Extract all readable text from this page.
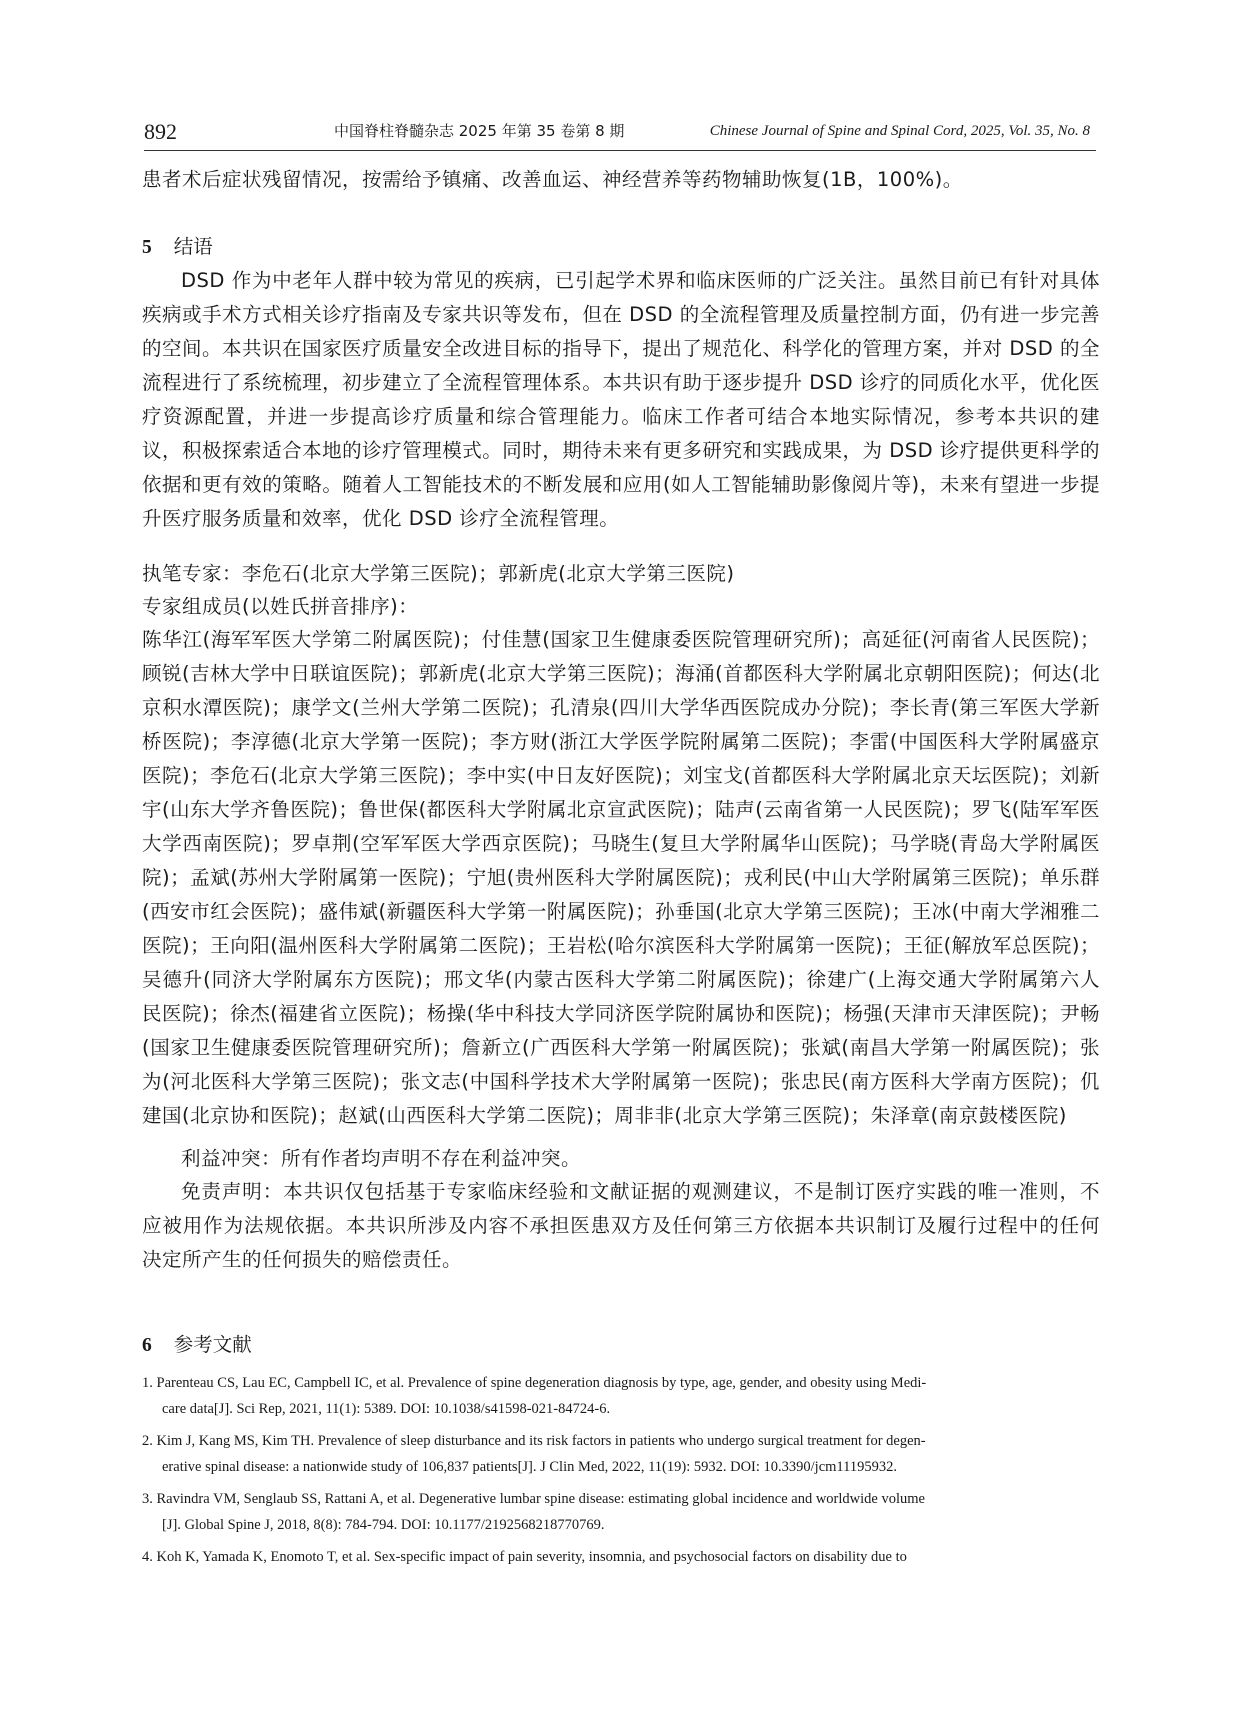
892	中国脊柱脊髓杂志 2025 年第 35 卷第 8 期	Chinese Journal of Spine and Spinal Cord, 2025, Vol. 35, No. 8

患者术后症状残留情况，按需给予镇痛、改善血运、神经营养等药物辅助恢复(1B，100%)。

5 结语

DSD 作为中老年人群中较为常见的疾病，已引起学术界和临床医师的广泛关注。虽然目前已有针对具体疾病或手术方式相关诊疗指南及专家共识等发布，但在 DSD 的全流程管理及质量控制方面，仍有进一步完善的空间。本共识在国家医疗质量安全改进目标的指导下，提出了规范化、科学化的管理方案，并对 DSD 的全流程进行了系统梳理，初步建立了全流程管理体系。本共识有助于逐步提升 DSD 诊疗的同质化水平，优化医疗资源配置，并进一步提高诊疗质量和综合管理能力。临床工作者可结合本地实际情况，参考本共识的建议，积极探索适合本地的诊疗管理模式。同时，期待未来有更多研究和实践成果，为 DSD 诊疗提供更科学的依据和更有效的策略。随着人工智能技术的不断发展和应用(如人工智能辅助影像阅片等)，未来有望进一步提升医疗服务质量和效率，优化 DSD 诊疗全流程管理。

执笔专家：李危石(北京大学第三医院)；郭新虎(北京大学第三医院)

专家组成员(以姓氏拼音排序)：

陈华江(海军军医大学第二附属医院)；付佳慧(国家卫生健康委医院管理研究所)；高延征(河南省人民医院)；顾锐(吉林大学中日联谊医院)；郭新虎(北京大学第三医院)；海涌(首都医科大学附属北京朝阳医院)；何达(北京积水潭医院)；康学文(兰州大学第二医院)；孔清泉(四川大学华西医院成办分院)；李长青(第三军医大学新桥医院)；李淳德(北京大学第一医院)；李方财(浙江大学医学院附属第二医院)；李雷(中国医科大学附属盛京医院)；李危石(北京大学第三医院)；李中实(中日友好医院)；刘宝戈(首都医科大学附属北京天坛医院)；刘新宇(山东大学齐鲁医院)；鲁世保(都医科大学附属北京宣武医院)；陆声(云南省第一人民医院)；罗飞(陆军军医大学西南医院)；罗卓荆(空军军医大学西京医院)；马晓生(复旦大学附属华山医院)；马学晓(青岛大学附属医院)；孟斌(苏州大学附属第一医院)；宁旭(贵州医科大学附属医院)；戎利民(中山大学附属第三医院)；单乐群(西安市红会医院)；盛伟斌(新疆医科大学第一附属医院)；孙垂国(北京大学第三医院)；王冰(中南大学湘雅二医院)；王向阳(温州医科大学附属第二医院)；王岩松(哈尔滨医科大学附属第一医院)；王征(解放军总医院)；吴德升(同济大学附属东方医院)；邢文华(内蒙古医科大学第二附属医院)；徐建广(上海交通大学附属第六人民医院)；徐杰(福建省立医院)；杨操(华中科技大学同济医学院附属协和医院)；杨强(天津市天津医院)；尹畅(国家卫生健康委医院管理研究所)；詹新立(广西医科大学第一附属医院)；张斌(南昌大学第一附属医院)；张为(河北医科大学第三医院)；张文志(中国科学技术大学附属第一医院)；张忠民(南方医科大学南方医院)；仉建国(北京协和医院)；赵斌(山西医科大学第二医院)；周非非(北京大学第三医院)；朱泽章(南京鼓楼医院)

利益冲突：所有作者均声明不存在利益冲突。

免责声明：本共识仅包括基于专家临床经验和文献证据的观测建议，不是制订医疗实践的唯一准则，不应被用作为法规依据。本共识所涉及内容不承担医患双方及任何第三方依据本共识制订及履行过程中的任何决定所产生的任何损失的赔偿责任。

6 参考文献

1. Parenteau CS, Lau EC, Campbell IC, et al. Prevalence of spine degeneration diagnosis by type, age, gender, and obesity using Medi-
care data[J]. Sci Rep, 2021, 11(1): 5389. DOI: 10.1038/s41598-021-84724-6.

2. Kim J, Kang MS, Kim TH. Prevalence of sleep disturbance and its risk factors in patients who undergo surgical treatment for degen-
erative spinal disease: a nationwide study of 106,837 patients[J]. J Clin Med, 2022, 11(19): 5932. DOI: 10.3390/jcm11195932.

3. Ravindra VM, Senglaub SS, Rattani A, et al. Degenerative lumbar spine disease: estimating global incidence and worldwide volume
[J]. Global Spine J, 2018, 8(8): 784-794. DOI: 10.1177/2192568218770769.

4. Koh K, Yamada K, Enomoto T, et al. Sex-specific impact of pain severity, insomnia, and psychosocial factors on disability due to
